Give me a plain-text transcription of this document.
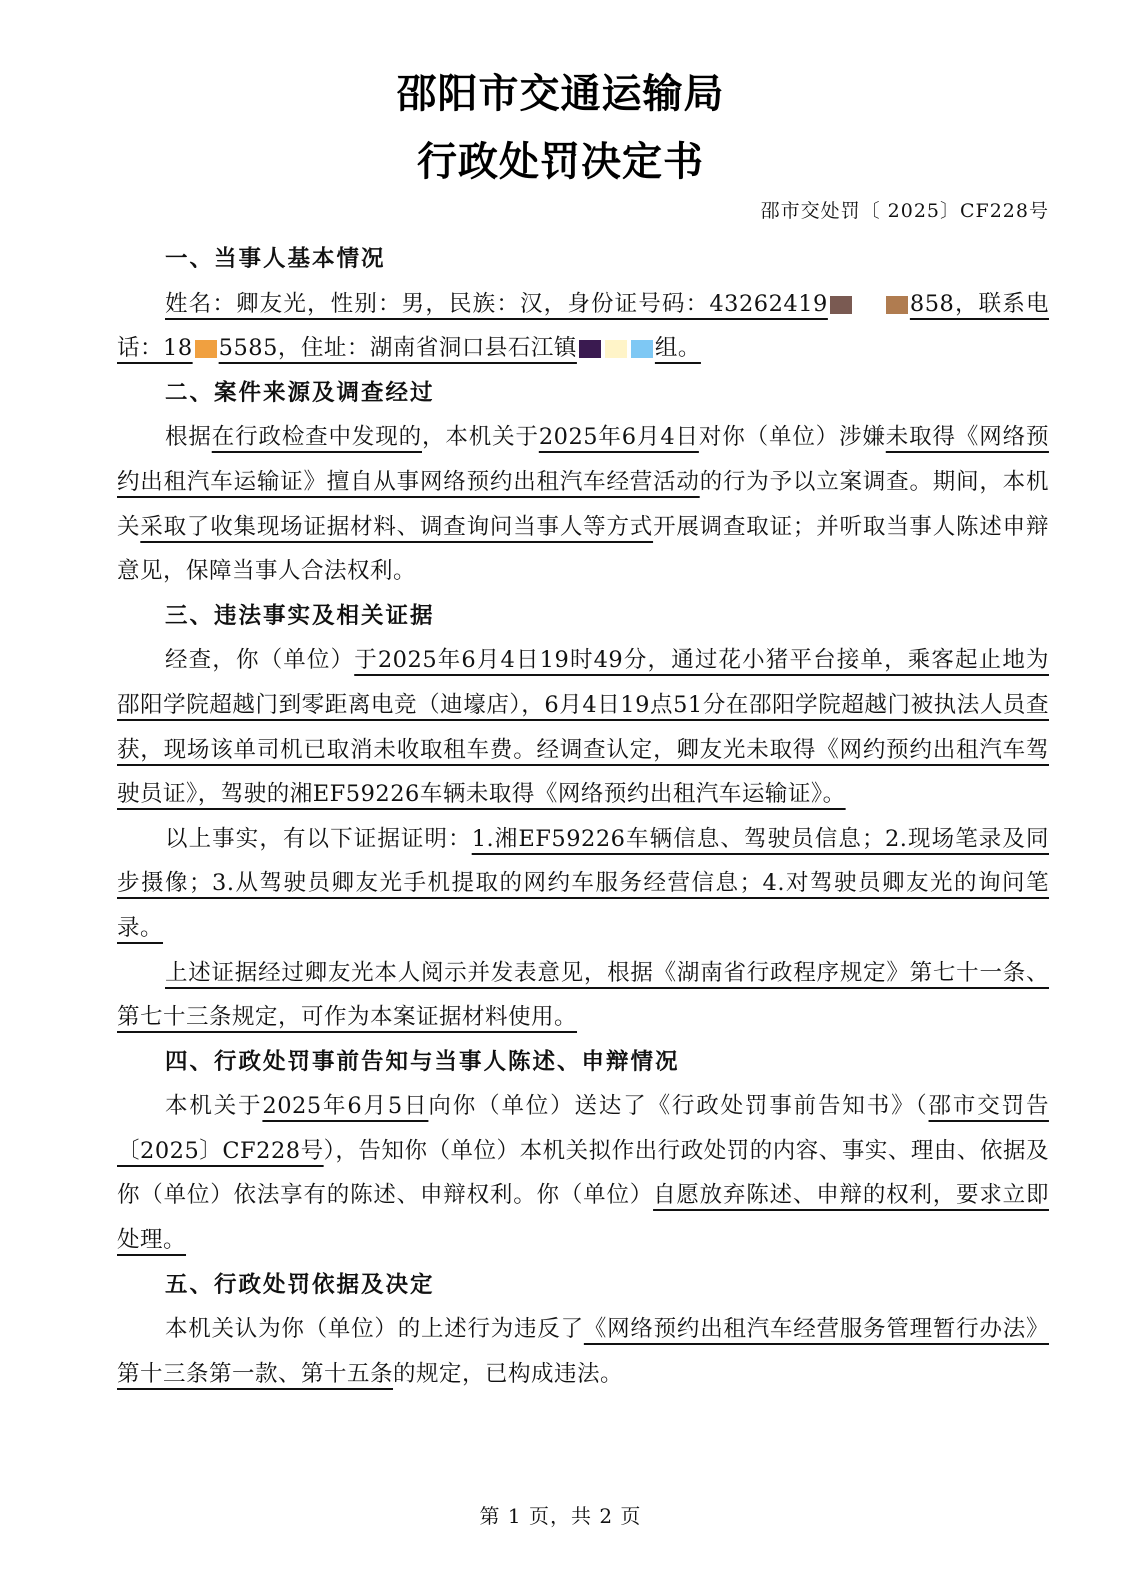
邵阳市交通运输局
行政处罚决定书
邵市交处罚〔 2025〕CF228号
一、当事人基本情况

姓名：卿友光，性别：男，民族：汉，身份证号码：43262419	858，联系电话：18 5585，住址：湖南省洞口县石江镇	组。

二、案件来源及调查经过

根据在行政检查中发现的，本机关于2025年6月4日对你（单位）涉嫌未取得《网络预约出租汽车运输证》擅自从事网络预约出租汽车经营活动的行为予以立案调查。期间，本机关采取了收集现场证据材料、调查询问当事人等方式开展调查取证；并听取当事人陈述申辩意见，保障当事人合法权利。

三、违法事实及相关证据

经查，你（单位）于2025年6月4日19时49分，通过花小猪平台接单，乘客起止地为邵阳学院超越门到零距离电竞（迪壕店），6月4日19点51分在邵阳学院超越门被执法人员查获，现场该单司机已取消未收取租车费。经调查认定，卿友光未取得《网约预约出租汽车驾驶员证》，驾驶的湘EF59226车辆未取得《网络预约出租汽车运输证》。

以上事实，有以下证据证明：1.湘EF59226车辆信息、驾驶员信息；2.现场笔录及同步摄像；3.从驾驶员卿友光手机提取的网约车服务经营信息；4.对驾驶员卿友光的询问笔录。

上述证据经过卿友光本人阅示并发表意见，根据《湖南省行政程序规定》第七十一条、第七十三条规定，可作为本案证据材料使用。

四、行政处罚事前告知与当事人陈述、申辩情况

本机关于2025年6月5日向你（单位）送达了《行政处罚事前告知书》（邵市交罚告〔2025〕CF228号），告知你（单位）本机关拟作出行政处罚的内容、事实、理由、依据及你（单位）依法享有的陈述、申辩权利。你（单位）自愿放弃陈述、申辩的权利，要求立即处理。

五、行政处罚依据及决定

本机关认为你（单位）的上述行为违反了《网络预约出租汽车经营服务管理暂行办法》第十三条第一款、第十五条的规定，已构成违法。

第 1 页，共 2 页
